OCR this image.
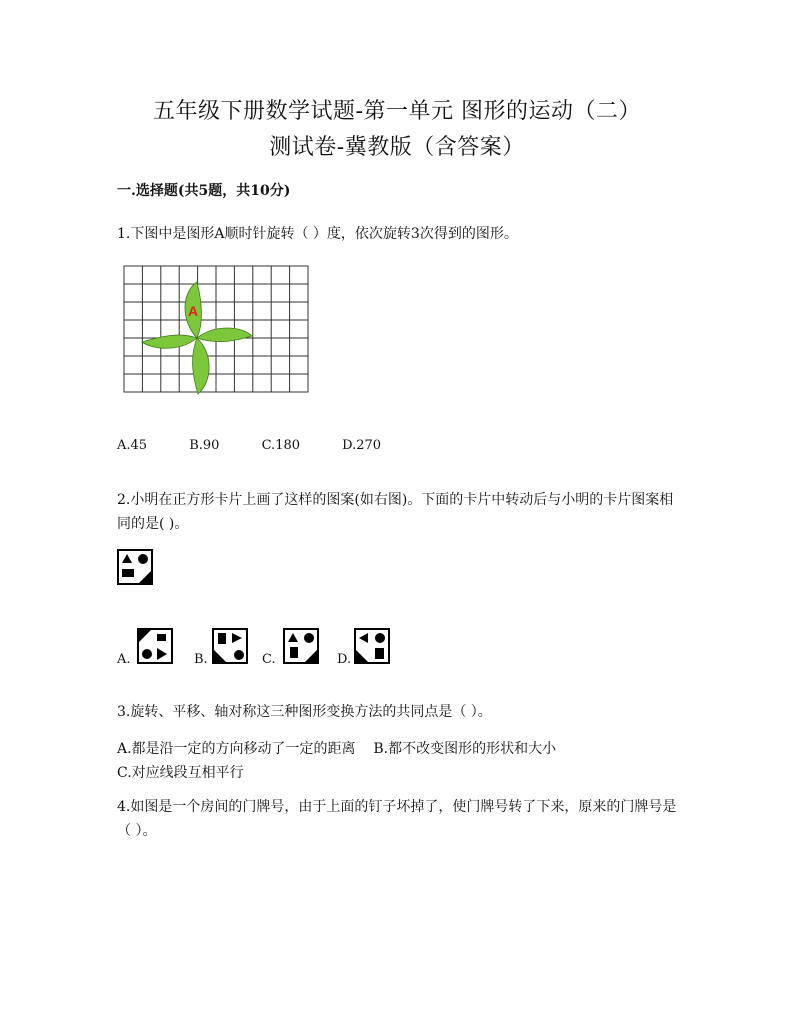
五年级下册数学试题-第一单元 图形的运动（二）
测试卷-冀教版（含答案）
一.选择题(共5题，共10分)
1.下图中是图形A顺时针旋转（ ）度，依次旋转3次得到的图形。
A
A.45	B.90	C.180	D.270
2.小明在正方形卡片上画了这样的图案(如右图)。下面的卡片中转动后与小明的卡片图案相同的是( )。
A.	B.	C.	D.
3.旋转、平移、轴对称这三种图形变换方法的共同点是（ ）。
A.都是沿一定的方向移动了一定的距离 B.都不改变图形的形状和大小
C.对应线段互相平行
4.如图是一个房间的门牌号，由于上面的钉子坏掉了，使门牌号转了下来，原来的门牌号是（ ）。
